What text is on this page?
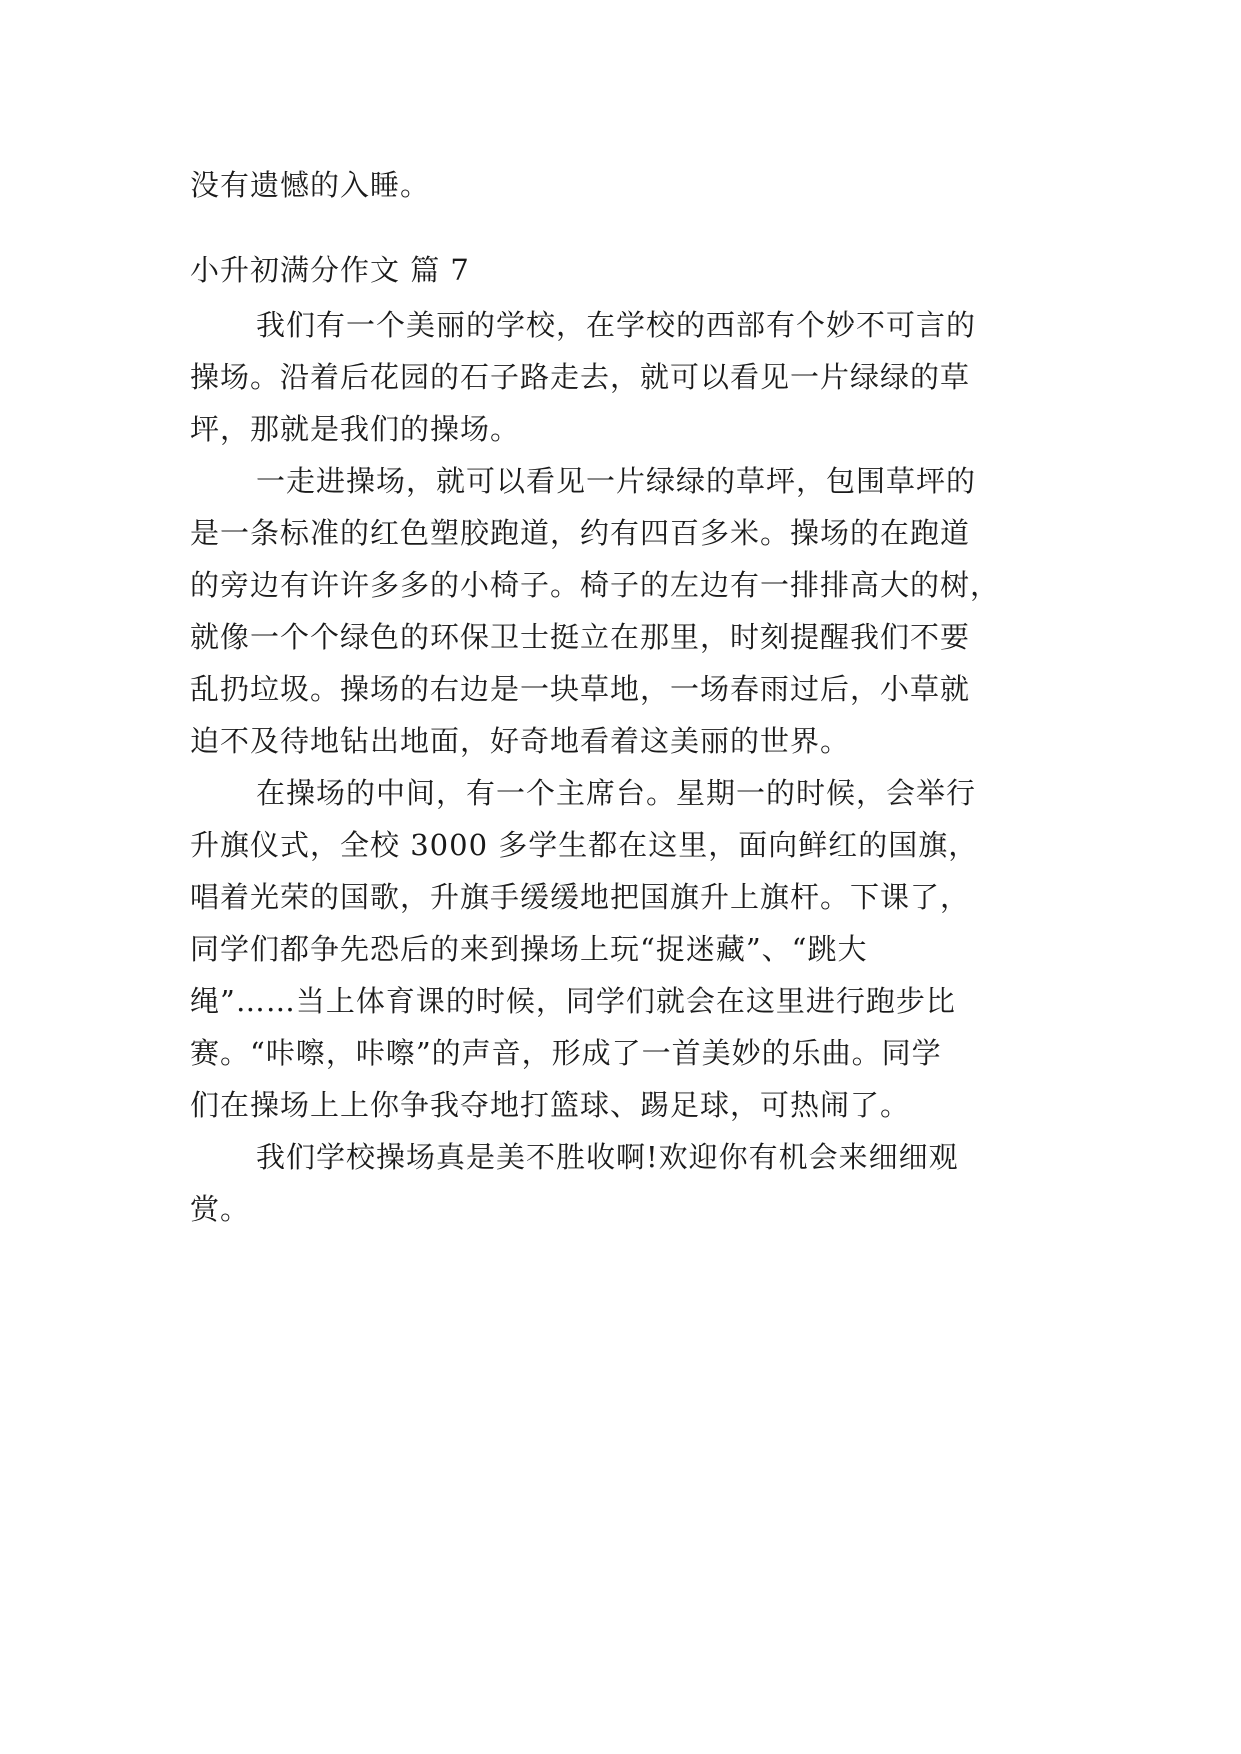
没有遗憾的入睡。
小升初满分作文 篇 7
我们有一个美丽的学校，在学校的西部有个妙不可言的
操场。沿着后花园的石子路走去，就可以看见一片绿绿的草
坪，那就是我们的操场。
一走进操场，就可以看见一片绿绿的草坪，包围草坪的
是一条标准的红色塑胶跑道，约有四百多米。操场的在跑道
的旁边有许许多多的小椅子。椅子的左边有一排排高大的树，
就像一个个绿色的环保卫士挺立在那里，时刻提醒我们不要
乱扔垃圾。操场的右边是一块草地，一场春雨过后，小草就
迫不及待地钻出地面，好奇地看着这美丽的世界。
在操场的中间，有一个主席台。星期一的时候，会举行
升旗仪式，全校 3000 多学生都在这里，面向鲜红的国旗，
唱着光荣的国歌，升旗手缓缓地把国旗升上旗杆。下课了，
同学们都争先恐后的来到操场上玩“捉迷藏”、“跳大
绳”……当上体育课的时候，同学们就会在这里进行跑步比
赛。“咔嚓，咔嚓”的声音，形成了一首美妙的乐曲。同学
们在操场上上你争我夺地打篮球、踢足球，可热闹了。
我们学校操场真是美不胜收啊!欢迎你有机会来细细观
赏。
